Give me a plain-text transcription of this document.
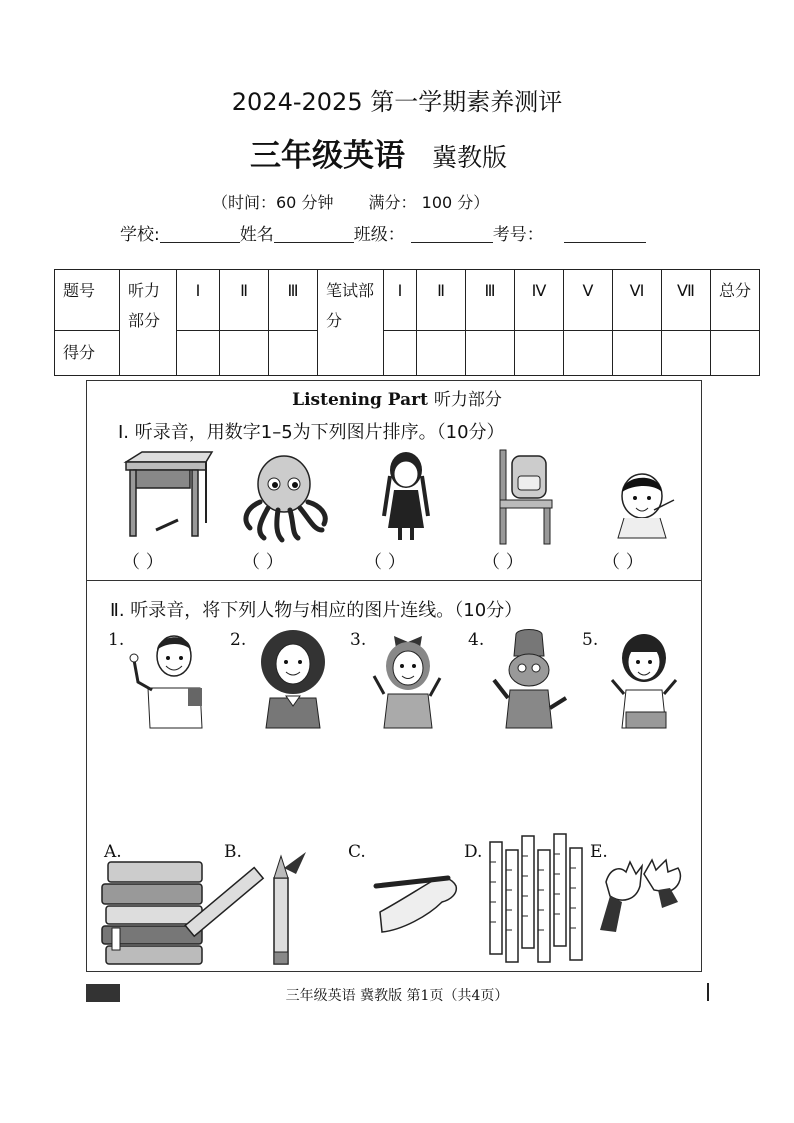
2024-2025 第一学期素养测评
三年级英语 冀教版
（时间：60 分钟 满分： 100 分）
学校:	姓名	班级：	考号：
题号	听力部分	Ⅰ	Ⅱ	Ⅲ	笔试部分	Ⅰ	Ⅱ	Ⅲ	Ⅳ	Ⅴ	Ⅵ	Ⅶ	总分
得分													
Listening Part 听力部分
Ⅰ. 听录音，用数字1–5为下列图片排序。（10分）
（ ）	（ ）	（ ）	（ ）	（ ）
Ⅱ. 听录音，将下列人物与相应的图片连线。（10分）
1.	2.	3.	4.	5.
A.	B.	C.	D.	E.
三年级英语 冀教版 第1页（共4页）
